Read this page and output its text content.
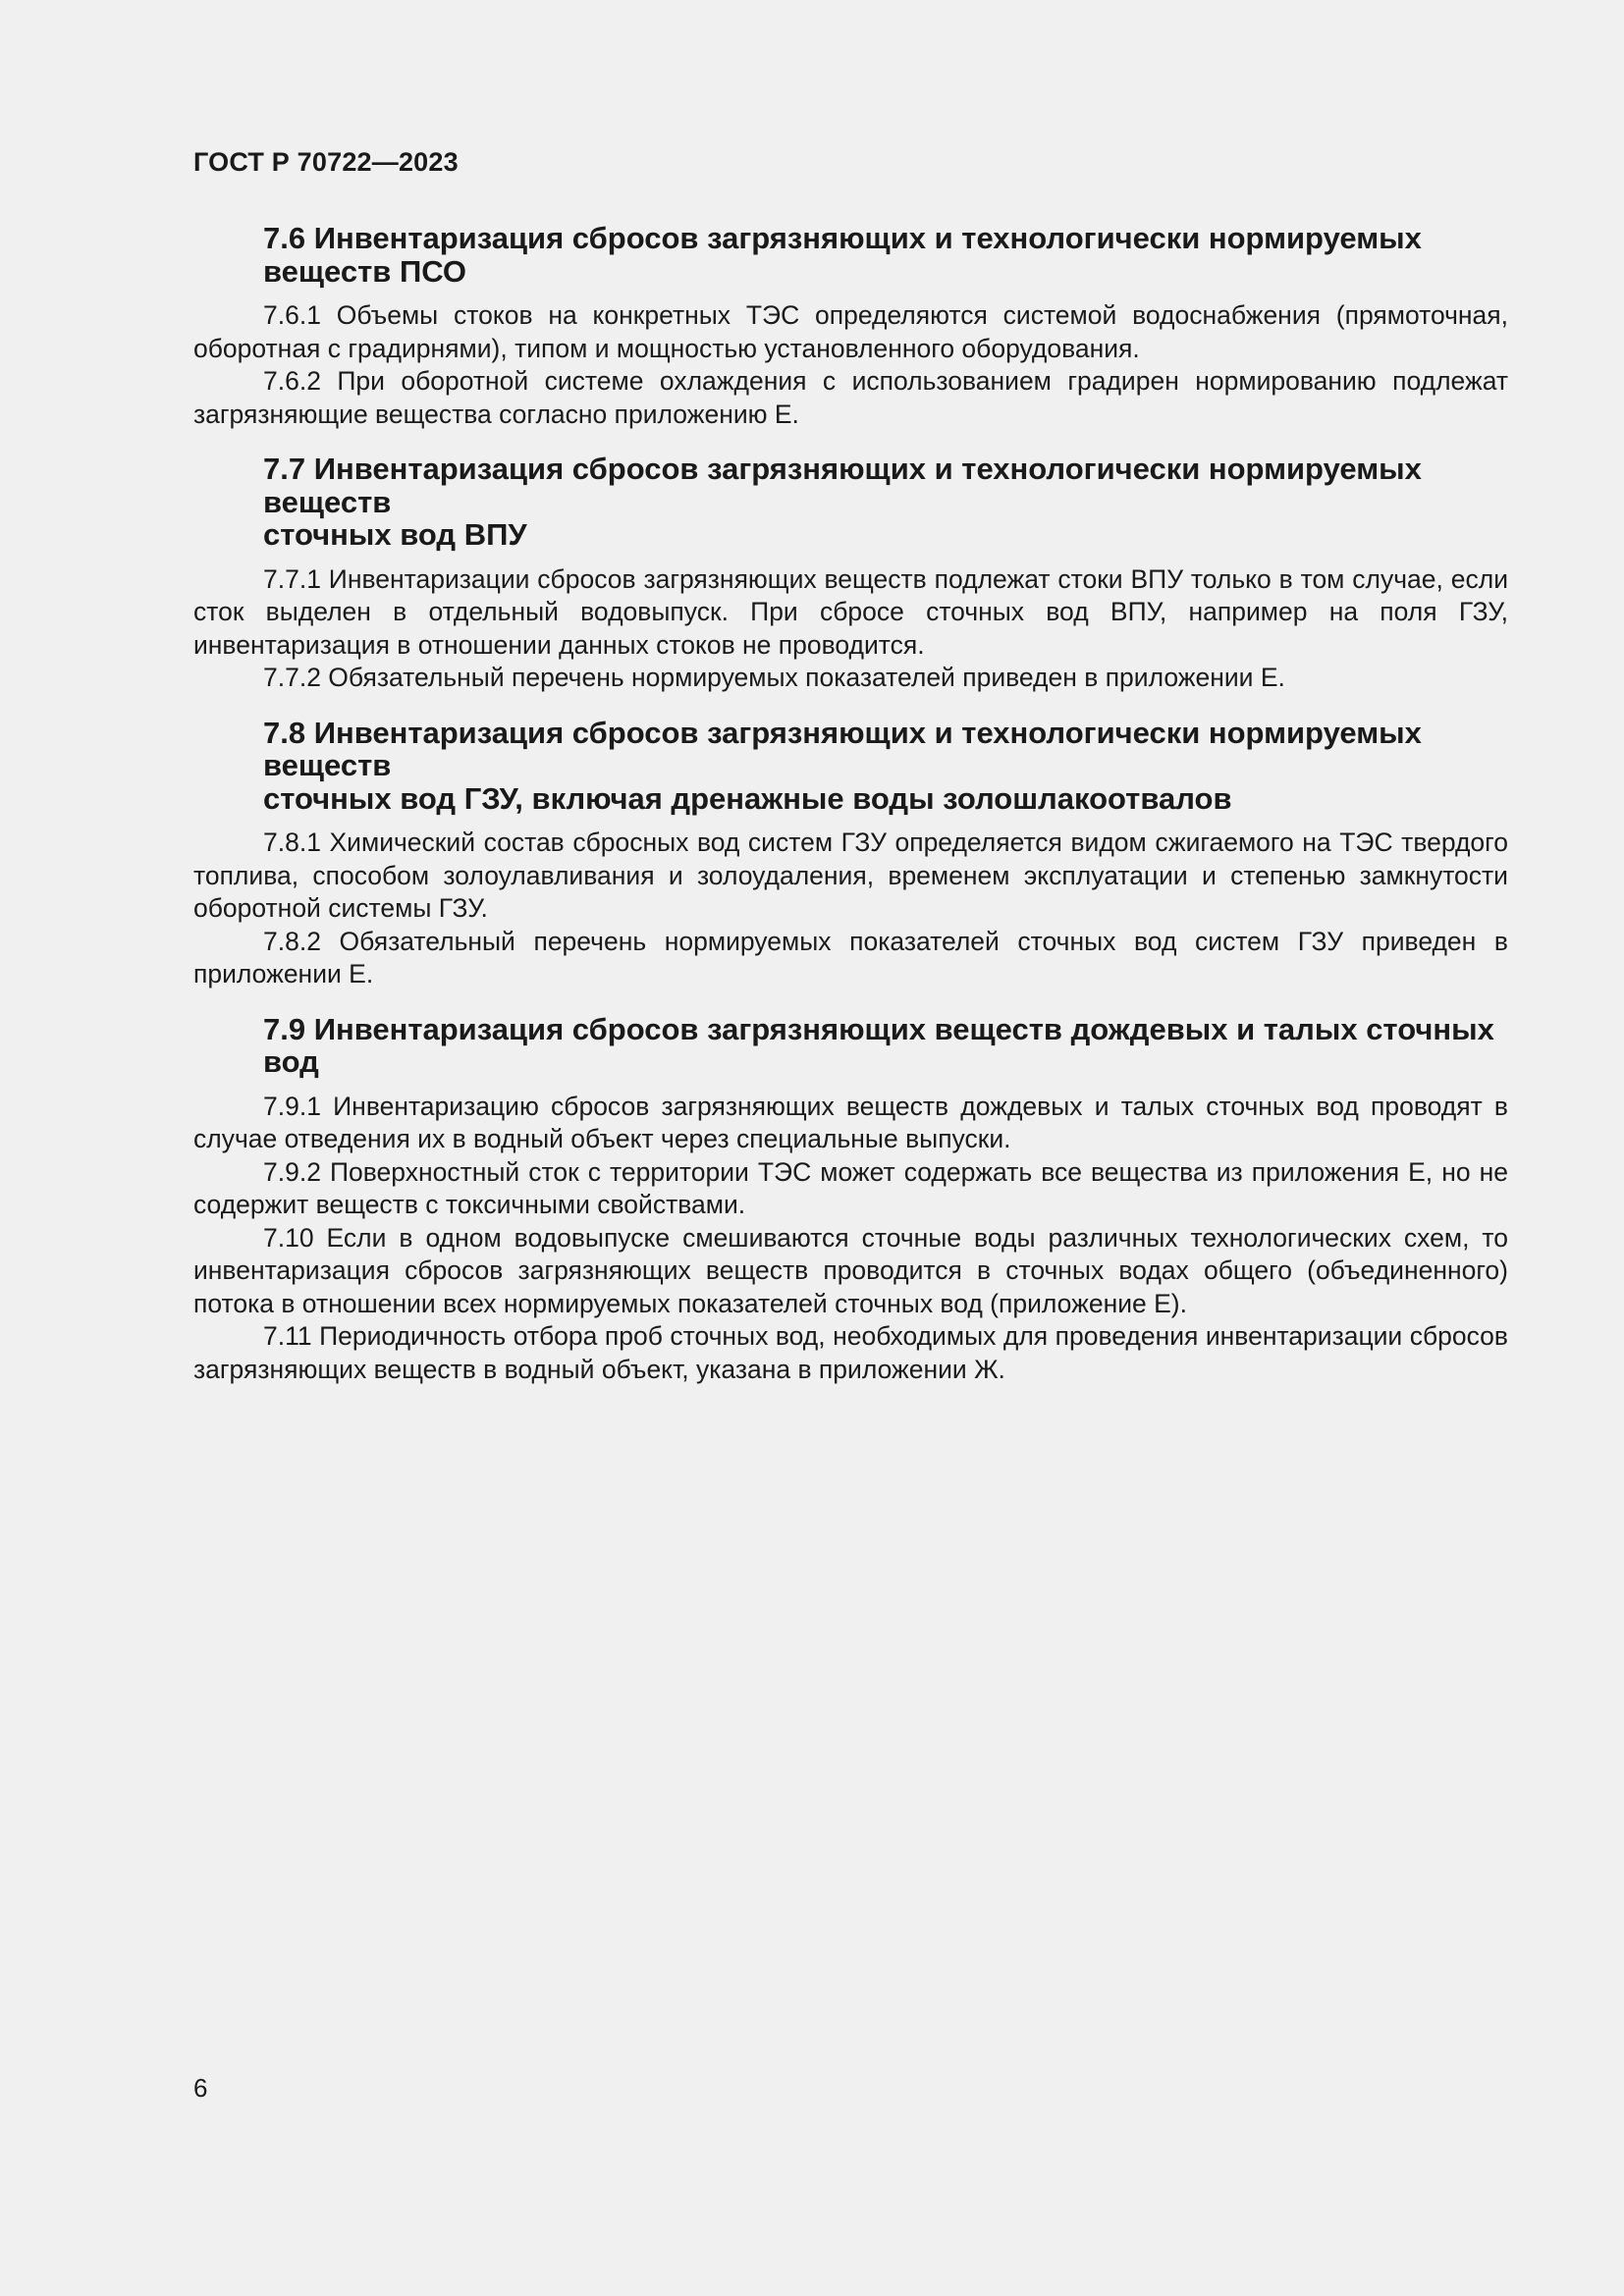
ГОСТ Р 70722—2023
7.6 Инвентаризация сбросов загрязняющих и технологически нормируемых веществ ПСО

7.6.1 Объемы стоков на конкретных ТЭС определяются системой водоснабжения (прямоточная, оборотная с градирнями), типом и мощностью установленного оборудования.

7.6.2 При оборотной системе охлаждения с использованием градирен нормированию подлежат загрязняющие вещества согласно приложению Е.

7.7 Инвентаризация сбросов загрязняющих и технологически нормируемых веществ
сточных вод ВПУ

7.7.1 Инвентаризации сбросов загрязняющих веществ подлежат стоки ВПУ только в том случае, если сток выделен в отдельный водовыпуск. При сбросе сточных вод ВПУ, например на поля ГЗУ, инвентаризация в отношении данных стоков не проводится.

7.7.2 Обязательный перечень нормируемых показателей приведен в приложении Е.

7.8 Инвентаризация сбросов загрязняющих и технологически нормируемых веществ
сточных вод ГЗУ, включая дренажные воды золошлакоотвалов

7.8.1 Химический состав сбросных вод систем ГЗУ определяется видом сжигаемого на ТЭС твердого топлива, способом золоулавливания и золоудаления, временем эксплуатации и степенью замкнутости оборотной системы ГЗУ.

7.8.2 Обязательный перечень нормируемых показателей сточных вод систем ГЗУ приведен в приложении Е.

7.9 Инвентаризация сбросов загрязняющих веществ дождевых и талых сточных вод

7.9.1 Инвентаризацию сбросов загрязняющих веществ дождевых и талых сточных вод проводят в случае отведения их в водный объект через специальные выпуски.

7.9.2 Поверхностный сток с территории ТЭС может содержать все вещества из приложения Е, но не содержит веществ с токсичными свойствами.

7.10 Если в одном водовыпуске смешиваются сточные воды различных технологических схем, то инвентаризация сбросов загрязняющих веществ проводится в сточных водах общего (объединенного) потока в отношении всех нормируемых показателей сточных вод (приложение Е).

7.11 Периодичность отбора проб сточных вод, необходимых для проведения инвентаризации сбросов загрязняющих веществ в водный объект, указана в приложении Ж.

6
